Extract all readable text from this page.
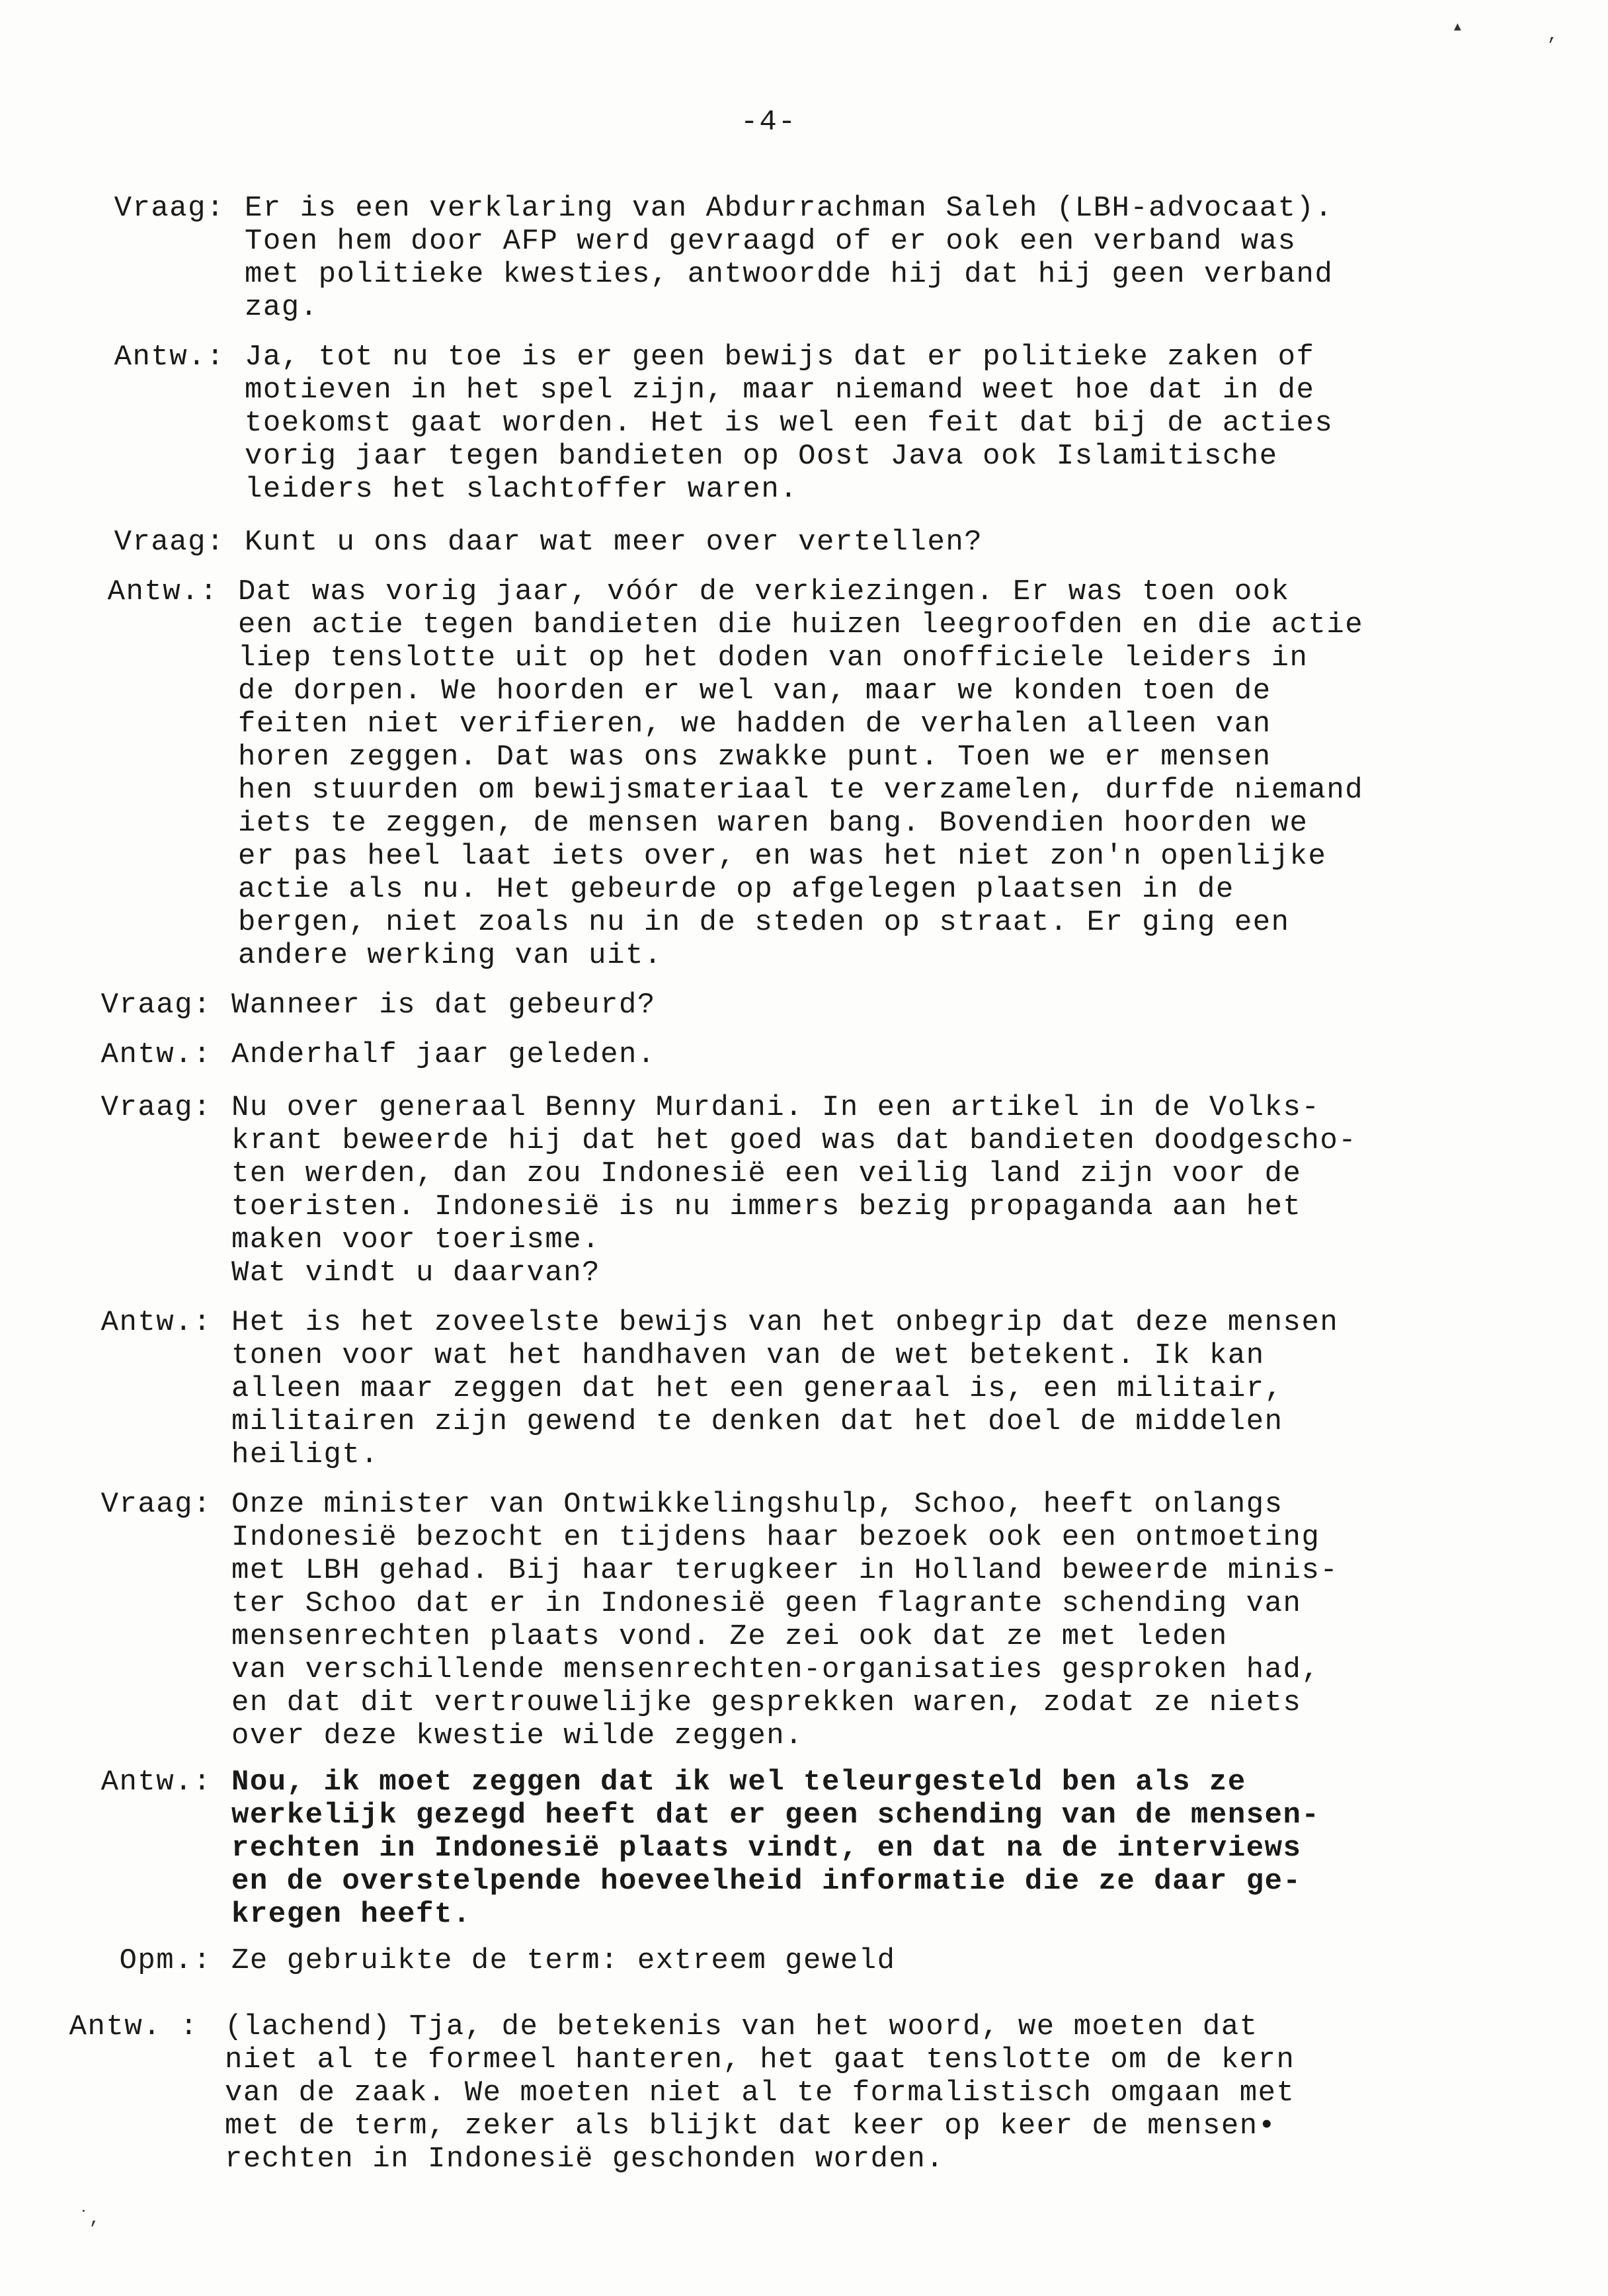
▴	,
-4-
Vraag: Er is een verklaring van Abdurrachman Saleh (LBH-advocaat).
Toen hem door AFP werd gevraagd of er ook een verband was
met politieke kwesties, antwoordde hij dat hij geen verband
zag.
Antw.: Ja, tot nu toe is er geen bewijs dat er politieke zaken of
motieven in het spel zijn, maar niemand weet hoe dat in de
toekomst gaat worden. Het is wel een feit dat bij de acties
vorig jaar tegen bandieten op Oost Java ook Islamitische
leiders het slachtoffer waren.
Vraag: Kunt u ons daar wat meer over vertellen?
Antw.: Dat was vorig jaar, vóór de verkiezingen. Er was toen ook
een actie tegen bandieten die huizen leegroofden en die actie
liep tenslotte uit op het doden van onofficiele leiders in
de dorpen. We hoorden er wel van, maar we konden toen de
feiten niet verifieren, we hadden de verhalen alleen van
horen zeggen. Dat was ons zwakke punt. Toen we er mensen
hen stuurden om bewijsmateriaal te verzamelen, durfde niemand
iets te zeggen, de mensen waren bang. Bovendien hoorden we
er pas heel laat iets over, en was het niet zon'n openlijke
actie als nu. Het gebeurde op afgelegen plaatsen in de
bergen, niet zoals nu in de steden op straat. Er ging een
andere werking van uit.
Vraag: Wanneer is dat gebeurd?
Antw.: Anderhalf jaar geleden.
Vraag: Nu over generaal Benny Murdani. In een artikel in de Volks-
krant beweerde hij dat het goed was dat bandieten doodgescho-
ten werden, dan zou Indonesië een veilig land zijn voor de
toeristen. Indonesië is nu immers bezig propaganda aan het
maken voor toerisme.
Wat vindt u daarvan?
Antw.: Het is het zoveelste bewijs van het onbegrip dat deze mensen
tonen voor wat het handhaven van de wet betekent. Ik kan
alleen maar zeggen dat het een generaal is, een militair,
militairen zijn gewend te denken dat het doel de middelen
heiligt.
Vraag: Onze minister van Ontwikkelingshulp, Schoo, heeft onlangs
Indonesië bezocht en tijdens haar bezoek ook een ontmoeting
met LBH gehad. Bij haar terugkeer in Holland beweerde minis-
ter Schoo dat er in Indonesië geen flagrante schending van
mensenrechten plaats vond. Ze zei ook dat ze met leden
van verschillende mensenrechten-organisaties gesproken had,
en dat dit vertrouwelijke gesprekken waren, zodat ze niets
over deze kwestie wilde zeggen.
Antw.: Nou, ik moet zeggen dat ik wel teleurgesteld ben als ze
werkelijk gezegd heeft dat er geen schending van de mensen-
rechten in Indonesië plaats vindt, en dat na de interviews
en de overstelpende hoeveelheid informatie die ze daar ge-
kregen heeft.
Opm.: Ze gebruikte de term: extreem geweld
Antw. : (lachend) Tja, de betekenis van het woord, we moeten dat
niet al te formeel hanteren, het gaat tenslotte om de kern
van de zaak. We moeten niet al te formalistisch omgaan met
met de term, zeker als blijkt dat keer op keer de mensen•
rechten in Indonesië geschonden worden.
˙,
